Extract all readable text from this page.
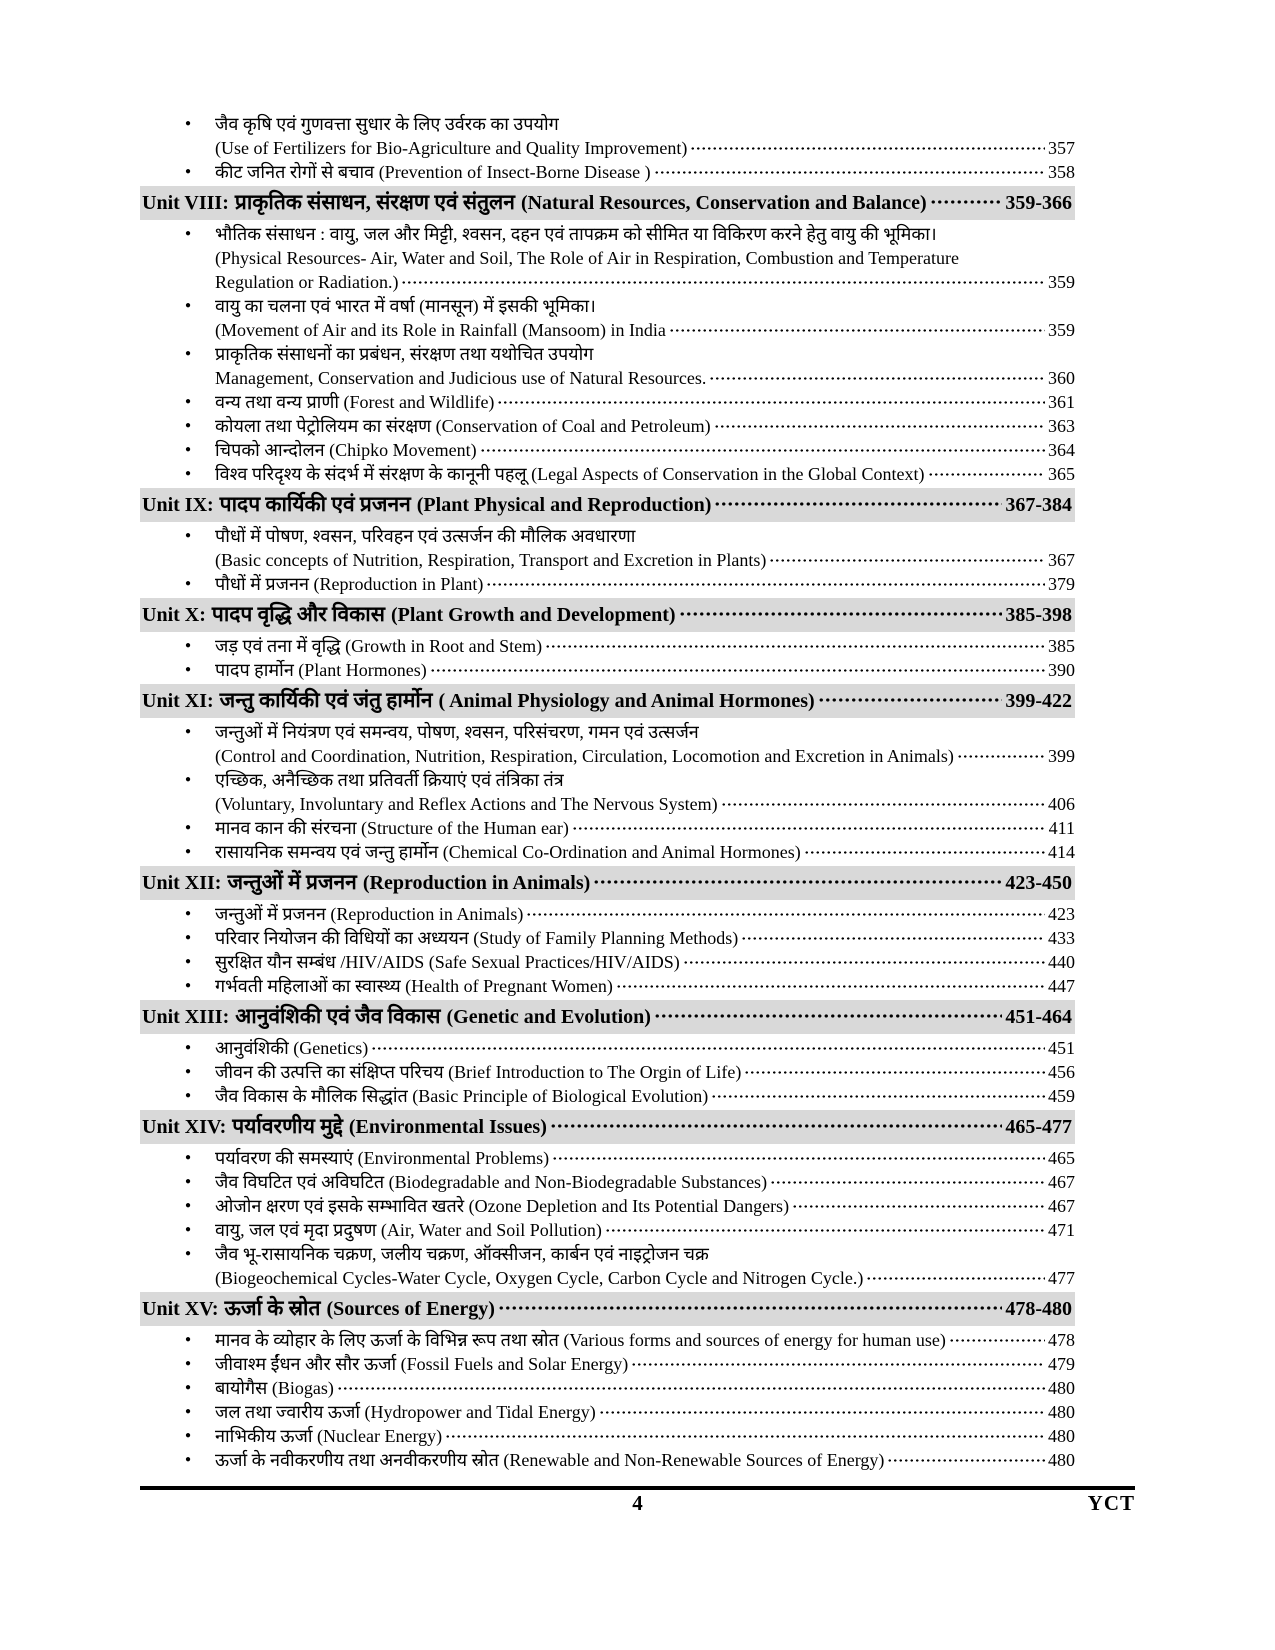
● जैव कृषि एवं गुणवत्ता सुधार के लिए उर्वरक का उपयोग
(Use of Fertilizers for Bio-Agriculture and Quality Improvement)	357
● कीट जनित रोगों से बचाव (Prevention of Insect-Borne Disease )	358
Unit VIII: प्राकृतिक संसाधन, संरक्षण एवं संतुलन (Natural Resources, Conservation and Balance)	359-366
● भौतिक संसाधन : वायु, जल और मिट्टी, श्वसन, दहन एवं तापक्रम को सीमित या विकिरण करने हेतु वायु की भूमिका।
(Physical Resources- Air, Water and Soil, The Role of Air in Respiration, Combustion and Temperature
Regulation or Radiation.)	359
● वायु का चलना एवं भारत में वर्षा (मानसून) में इसकी भूमिका।
(Movement of Air and its Role in Rainfall (Mansoom) in India	359
● प्राकृतिक संसाधनों का प्रबंधन, संरक्षण तथा यथोचित उपयोग
Management, Conservation and Judicious use of Natural Resources.	360
● वन्य तथा वन्य प्राणी (Forest and Wildlife)	361
● कोयला तथा पेट्रोलियम का संरक्षण (Conservation of Coal and Petroleum)	363
● चिपको आन्दोलन (Chipko Movement)	364
● विश्व परिदृश्य के संदर्भ में संरक्षण के कानूनी पहलू (Legal Aspects of Conservation in the Global Context)	365
Unit IX: पादप कार्यिकी एवं प्रजनन (Plant Physical and Reproduction)	367-384
● पौधों में पोषण, श्वसन, परिवहन एवं उत्सर्जन की मौलिक अवधारणा
(Basic concepts of Nutrition, Respiration, Transport and Excretion in Plants)	367
● पौधों में प्रजनन (Reproduction in Plant)	379
Unit X: पादप वृद्धि और विकास (Plant Growth and Development)	385-398
● जड़ एवं तना में वृद्धि (Growth in Root and Stem)	385
● पादप हार्मोन (Plant Hormones)	390
Unit XI: जन्तु कार्यिकी एवं जंतु हार्मोन ( Animal Physiology and Animal Hormones)	399-422
● जन्तुओं में नियंत्रण एवं समन्वय, पोषण, श्वसन, परिसंचरण, गमन एवं उत्सर्जन
(Control and Coordination, Nutrition, Respiration, Circulation, Locomotion and Excretion in Animals)	399
● एच्छिक, अनैच्छिक तथा प्रतिवर्ती क्रियाएं एवं तंत्रिका तंत्र
(Voluntary, Involuntary and Reflex Actions and The Nervous System)	406
● मानव कान की संरचना (Structure of the Human ear)	411
● रासायनिक समन्वय एवं जन्तु हार्मोन (Chemical Co-Ordination and Animal Hormones)	414
Unit XII: जन्तुओं में प्रजनन (Reproduction in Animals)	423-450
● जन्तुओं में प्रजनन (Reproduction in Animals)	423
● परिवार नियोजन की विधियों का अध्ययन (Study of Family Planning Methods)	433
● सुरक्षित यौन सम्बंध /HIV/AIDS (Safe Sexual Practices/HIV/AIDS)	440
● गर्भवती महिलाओं का स्वास्थ्य (Health of Pregnant Women)	447
Unit XIII: आनुवंशिकी एवं जैव विकास (Genetic and Evolution)	451-464
● आनुवंशिकी (Genetics)	451
● जीवन की उत्पत्ति का संक्षिप्त परिचय (Brief Introduction to The Orgin of Life)	456
● जैव विकास के मौलिक सिद्धांत (Basic Principle of Biological Evolution)	459
Unit XIV: पर्यावरणीय मुद्दे (Environmental Issues)	465-477
● पर्यावरण की समस्याएं (Environmental Problems)	465
● जैव विघटित एवं अविघटित (Biodegradable and Non-Biodegradable Substances)	467
● ओजोन क्षरण एवं इसके सम्भावित खतरे (Ozone Depletion and Its Potential Dangers)	467
● वायु, जल एवं मृदा प्रदुषण (Air, Water and Soil Pollution)	471
● जैव भू-रासायनिक चक्रण, जलीय चक्रण, ऑक्सीजन, कार्बन एवं नाइट्रोजन चक्र
(Biogeochemical Cycles-Water Cycle, Oxygen Cycle, Carbon Cycle and Nitrogen Cycle.)	477
Unit XV: ऊर्जा के स्रोत (Sources of Energy)	478-480
● मानव के व्योहार के लिए ऊर्जा के विभिन्न रूप तथा स्रोत (Various forms and sources of energy for human use)	478
● जीवाश्म ईंधन और सौर ऊर्जा (Fossil Fuels and Solar Energy)	479
● बायोगैस (Biogas)	480
● जल तथा ज्वारीय ऊर्जा (Hydropower and Tidal Energy)	480
● नाभिकीय ऊर्जा (Nuclear Energy)	480
● ऊर्जा के नवीकरणीय तथा अनवीकरणीय स्रोत (Renewable and Non-Renewable Sources of Energy)	480
4	YCT
